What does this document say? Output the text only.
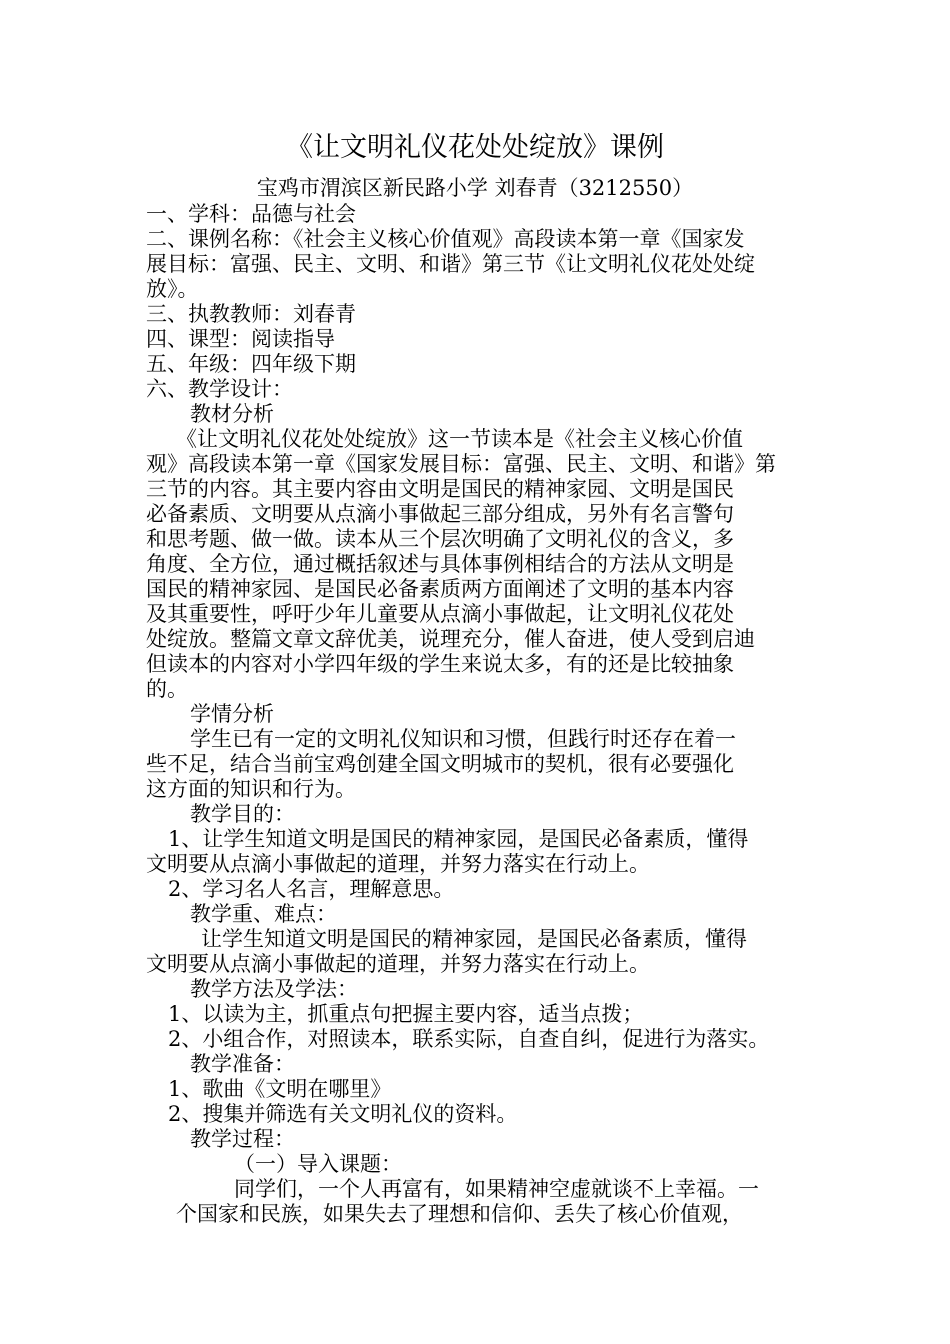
《让文明礼仪花处处绽放》课例
宝鸡市渭滨区新民路小学 刘春青（3212550）
一、学科：品德与社会
二、课例名称：《社会主义核心价值观》高段读本第一章《国家发
展目标：富强、民主、文明、和谐》第三节《让文明礼仪花处处绽
放》。
三、执教教师：刘春青
四、课型：阅读指导
五、年级：四年级下期
六、教学设计：
教材分析
《让文明礼仪花处处绽放》这一节读本是《社会主义核心价值
观》高段读本第一章《国家发展目标：富强、民主、文明、和谐》第
三节的内容。其主要内容由文明是国民的精神家园、文明是国民
必备素质、文明要从点滴小事做起三部分组成，另外有名言警句
和思考题、做一做。读本从三个层次明确了文明礼仪的含义，多
角度、全方位，通过概括叙述与具体事例相结合的方法从文明是
国民的精神家园、是国民必备素质两方面阐述了文明的基本内容
及其重要性，呼吁少年儿童要从点滴小事做起，让文明礼仪花处
处绽放。整篇文章文辞优美，说理充分，催人奋进，使人受到启迪
但读本的内容对小学四年级的学生来说太多，有的还是比较抽象
的。
学情分析
学生已有一定的文明礼仪知识和习惯，但践行时还存在着一
些不足，结合当前宝鸡创建全国文明城市的契机，很有必要强化
这方面的知识和行为。
教学目的：
1、让学生知道文明是国民的精神家园，是国民必备素质，懂得
文明要从点滴小事做起的道理，并努力落实在行动上。
2、学习名人名言，理解意思。
教学重、难点：
让学生知道文明是国民的精神家园，是国民必备素质，懂得
文明要从点滴小事做起的道理，并努力落实在行动上。
教学方法及学法：
1、以读为主，抓重点句把握主要内容，适当点拨；
2、小组合作，对照读本，联系实际，自查自纠，促进行为落实。
教学准备：
1、歌曲《文明在哪里》
2、搜集并筛选有关文明礼仪的资料。
教学过程：
（一）导入课题：
同学们，一个人再富有，如果精神空虚就谈不上幸福。一
个国家和民族，如果失去了理想和信仰、丢失了核心价值观，
